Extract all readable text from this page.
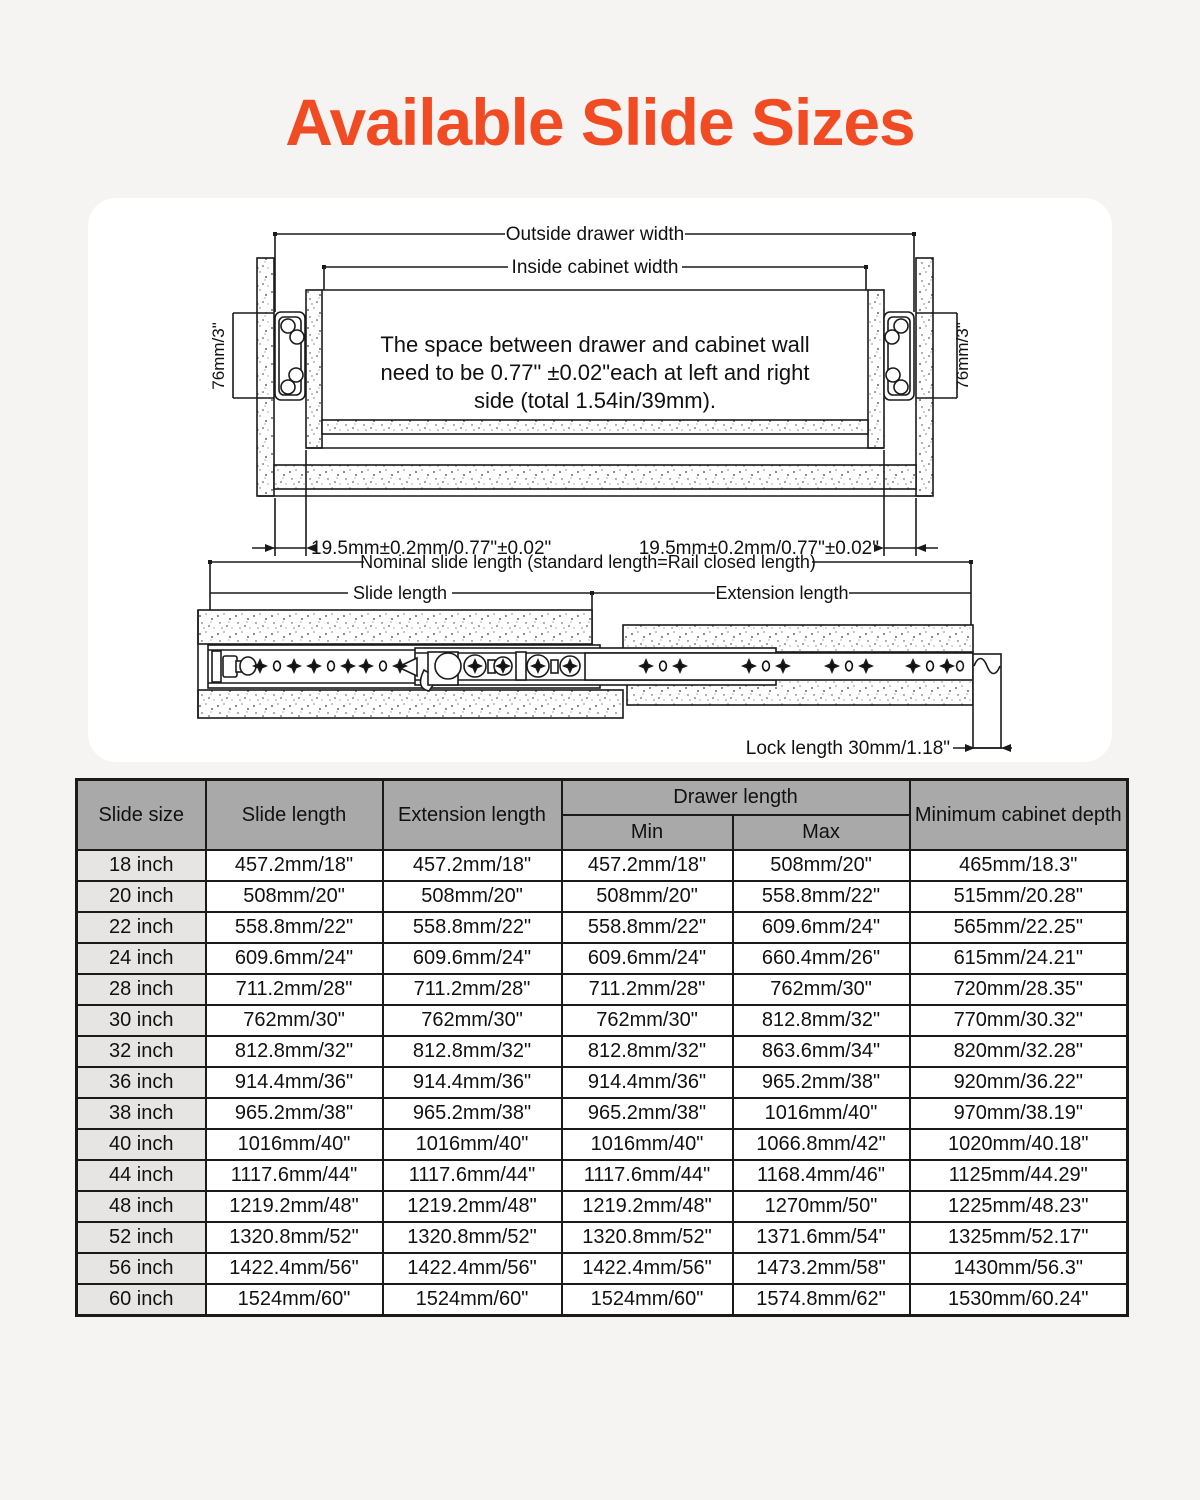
Available Slide Sizes
Outside drawer width
Inside cabinet width
The space between drawer and cabinet wall
need to be 0.77" ±0.02"each at left and right
side (total 1.54in/39mm).
76mm/3"	76mm/3"
19.5mm±0.2mm/0.77"±0.02"	19.5mm±0.2mm/0.77"±0.02"
Nominal slide length (standard length=Rail closed length)
Slide length	Extension length
Lock length 30mm/1.18"
Slide size	Slide length	Extension length	Drawer length		Minimum cabinet depth
			Min	Max	
18 inch	457.2mm/18"	457.2mm/18"	457.2mm/18"	508mm/20"	465mm/18.3"
20 inch	508mm/20"	508mm/20"	508mm/20"	558.8mm/22"	515mm/20.28"
22 inch	558.8mm/22"	558.8mm/22"	558.8mm/22"	609.6mm/24"	565mm/22.25"
24 inch	609.6mm/24"	609.6mm/24"	609.6mm/24"	660.4mm/26"	615mm/24.21"
28 inch	711.2mm/28"	711.2mm/28"	711.2mm/28"	762mm/30"	720mm/28.35"
30 inch	762mm/30"	762mm/30"	762mm/30"	812.8mm/32"	770mm/30.32"
32 inch	812.8mm/32"	812.8mm/32"	812.8mm/32"	863.6mm/34"	820mm/32.28"
36 inch	914.4mm/36"	914.4mm/36"	914.4mm/36"	965.2mm/38"	920mm/36.22"
38 inch	965.2mm/38"	965.2mm/38"	965.2mm/38"	1016mm/40"	970mm/38.19"
40 inch	1016mm/40"	1016mm/40"	1016mm/40"	1066.8mm/42"	1020mm/40.18"
44 inch	1117.6mm/44"	1117.6mm/44"	1117.6mm/44"	1168.4mm/46"	1125mm/44.29"
48 inch	1219.2mm/48"	1219.2mm/48"	1219.2mm/48"	1270mm/50"	1225mm/48.23"
52 inch	1320.8mm/52"	1320.8mm/52"	1320.8mm/52"	1371.6mm/54"	1325mm/52.17"
56 inch	1422.4mm/56"	1422.4mm/56"	1422.4mm/56"	1473.2mm/58"	1430mm/56.3"
60 inch	1524mm/60"	1524mm/60"	1524mm/60"	1574.8mm/62"	1530mm/60.24"
